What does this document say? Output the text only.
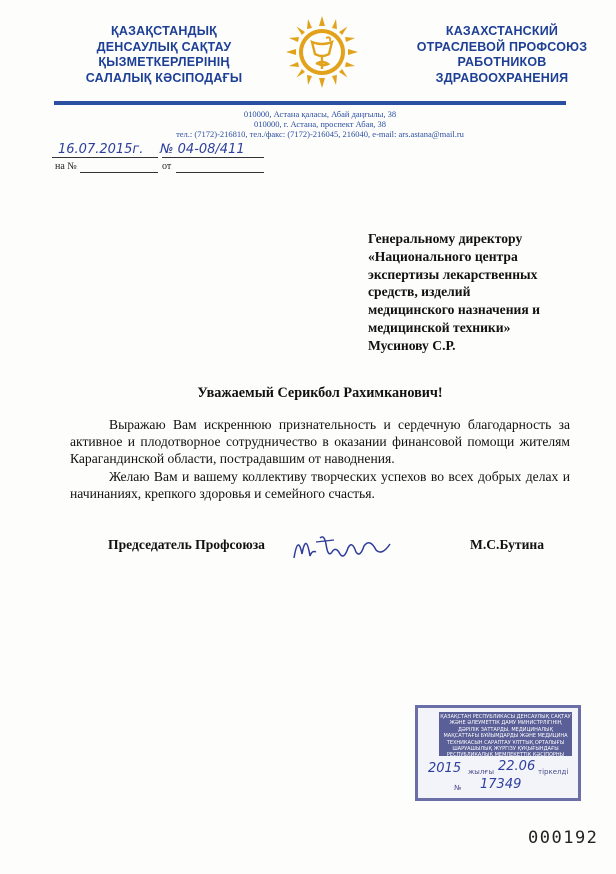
ҚАЗАҚСТАНДЫҚ
ДЕНСАУЛЫҚ САҚТАУ
ҚЫЗМЕТКЕРЛЕРІНІҢ
САЛАЛЫҚ КӘСІПОДАҒЫ
КАЗАХСТАНСКИЙ
ОТРАСЛЕВОЙ ПРОФСОЮЗ
РАБОТНИКОВ
ЗДРАВООХРАНЕНИЯ
010000, Астана қаласы, Абай даңғылы, 38
010000, г. Астана, проспект Абая, 38
тел.: (7172)-216810, тел./факс: (7172)-216045, 216040, e-mail: ars.astana@mail.ru
16.07.2015г. № 04-08/411
на №	от
Генеральному директору
«Национального центра
экспертизы лекарственных
средств, изделий
медицинского назначения и
медицинской техники»
Мусинову С.Р.
Уважаемый Серикбол Рахимканович!

Выражаю Вам искреннюю признательность и сердечную благодарность за активное и плодотворное сотрудничество в оказании финансовой помощи жителям Карагандинской области, пострадавшим от наводнения.

Желаю Вам и вашему коллективу творческих успехов во всех добрых делах и начинаниях, крепкого здоровья и семейного счастья.

Председатель Профсоюза	М.С.Бутина
ҚАЗАҚСТАН РЕСПУБЛИКАСЫ ДЕНСАУЛЫҚ САҚТАУ
ЖӘНЕ ӘЛЕУМЕТТІК ДАМУ МИНИСТРЛІГІНІҢ
ДӘРІЛІК ЗАТТАРДЫ, МЕДИЦИНАЛЫҚ
МАҚСАТТАҒЫ БҰЙЫМДАРДЫ ЖӘНЕ МЕДИЦИНА
ТЕХНИКАСЫН САРАПТАУ ҰЛТТЫҚ ОРТАЛЫҒЫ
ШАРУАШЫЛЫҚ ЖҮРГІЗУ ҚҰҚЫҒЫНДАҒЫ
РЕСПУБЛИКАЛЫҚ МЕМЛЕКЕТТІК КӘСІПОРНЫ
2015 жылғы 22.06 тіркелді
№ 17349
000192
